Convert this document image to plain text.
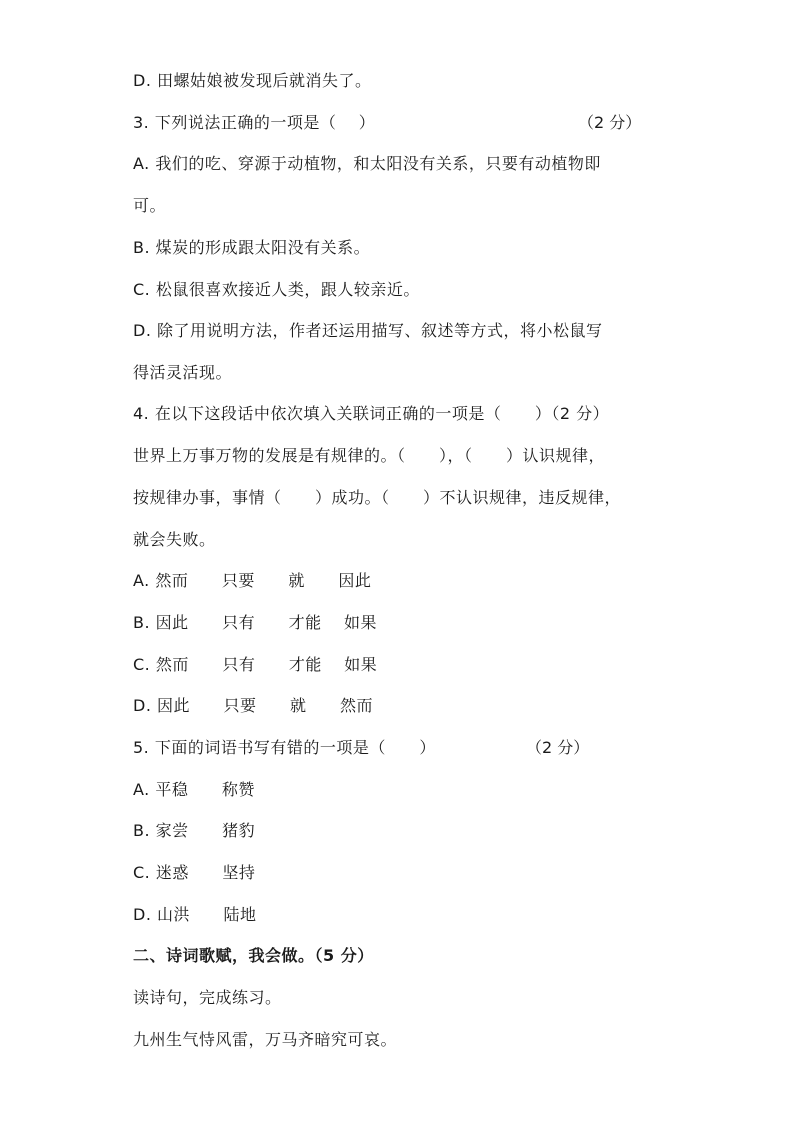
D. 田螺姑娘被发现后就消失了。
3. 下列说法正确的一项是（    ）	（2 分）
A. 我们的吃、穿源于动植物，和太阳没有关系，只要有动植物即
可。
B. 煤炭的形成跟太阳没有关系。
C. 松鼠很喜欢接近人类，跟人较亲近。
D. 除了用说明方法，作者还运用描写、叙述等方式，将小松鼠写
得活灵活现。
4. 在以下这段话中依次填入关联词正确的一项是（      ）（2 分）
世界上万事万物的发展是有规律的。（      ），（      ）认识规律，
按规律办事，事情（      ）成功。（      ）不认识规律，违反规律，
就会失败。
A. 然而      只要      就      因此
B. 因此      只有      才能    如果
C. 然而      只有      才能    如果
D. 因此      只要      就      然而
5. 下面的词语书写有错的一项是（      ）	（2 分）
A. 平稳      称赞
B. 家尝      猪豹
C. 迷惑      坚持
D. 山洪      陆地
二、诗词歌赋，我会做。（5 分）
读诗句，完成练习。
九州生气恃风雷，万马齐暗究可哀。
